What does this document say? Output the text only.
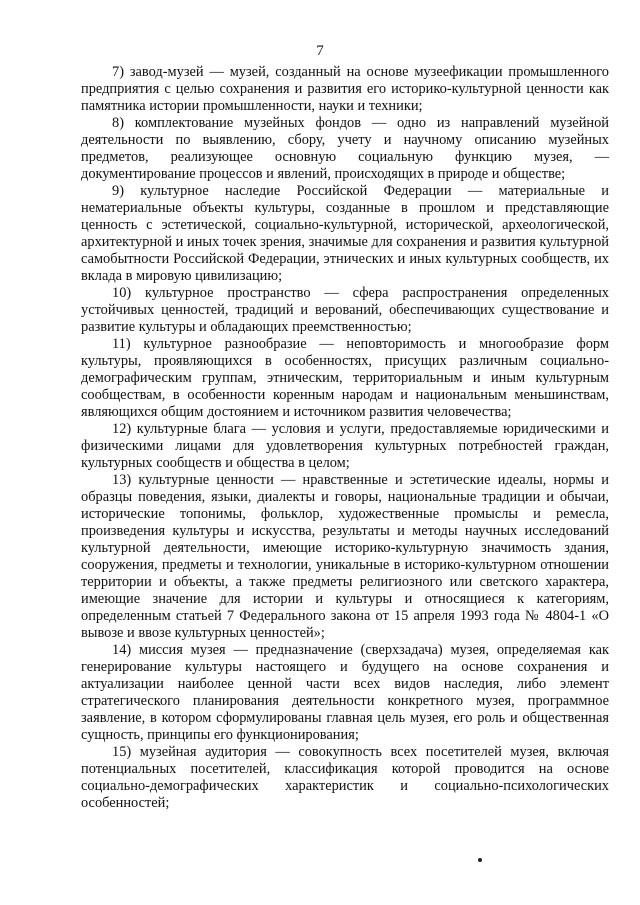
7

7) завод-музей — музей, созданный на основе музеефикации промышленного предприятия с целью сохранения и развития его историко-культурной ценности как памятника истории промышленности, науки и техники;

8) комплектование музейных фондов — одно из направлений музейной деятельности по выявлению, сбору, учету и научному описанию музейных предметов, реализующее основную социальную функцию музея, — документирование процессов и явлений, происходящих в природе и обществе;

9) культурное наследие Российской Федерации — материальные и нематериальные объекты культуры, созданные в прошлом и представляющие ценность с эстетической, социально-культурной, исторической, археологической, архитектурной и иных точек зрения, значимые для сохранения и развития культурной самобытности Российской Федерации, этнических и иных культурных сообществ, их вклада в мировую цивилизацию;

10) культурное пространство — сфера распространения определенных устойчивых ценностей, традиций и верований, обеспечивающих существование и развитие культуры и обладающих преемственностью;

11) культурное разнообразие — неповторимость и многообразие форм культуры, проявляющихся в особенностях, присущих различным социально-демографическим группам, этническим, территориальным и иным культурным сообществам, в особенности коренным народам и национальным меньшинствам, являющихся общим достоянием и источником развития человечества;

12) культурные блага — условия и услуги, предоставляемые юридическими и физическими лицами для удовлетворения культурных потребностей граждан, культурных сообществ и общества в целом;

13) культурные ценности — нравственные и эстетические идеалы, нормы и образцы поведения, языки, диалекты и говоры, национальные традиции и обычаи, исторические топонимы, фольклор, художественные промыслы и ремесла, произведения культуры и искусства, результаты и методы научных исследований культурной деятельности, имеющие историко-культурную значимость здания, сооружения, предметы и технологии, уникальные в историко-культурном отношении территории и объекты, а также предметы религиозного или светского характера, имеющие значение для истории и культуры и относящиеся к категориям, определенным статьей 7 Федерального закона от 15 апреля 1993 года № 4804-1 «О вывозе и ввозе культурных ценностей»;

14) миссия музея — предназначение (сверхзадача) музея, определяемая как генерирование культуры настоящего и будущего на основе сохранения и актуализации наиболее ценной части всех видов наследия, либо элемент стратегического планирования деятельности конкретного музея, программное заявление, в котором сформулированы главная цель музея, его роль и общественная сущность, принципы его функционирования;

15) музейная аудитория — совокупность всех посетителей музея, включая потенциальных посетителей, классификация которой проводится на основе социально-демографических характеристик и социально-психологических особенностей;
